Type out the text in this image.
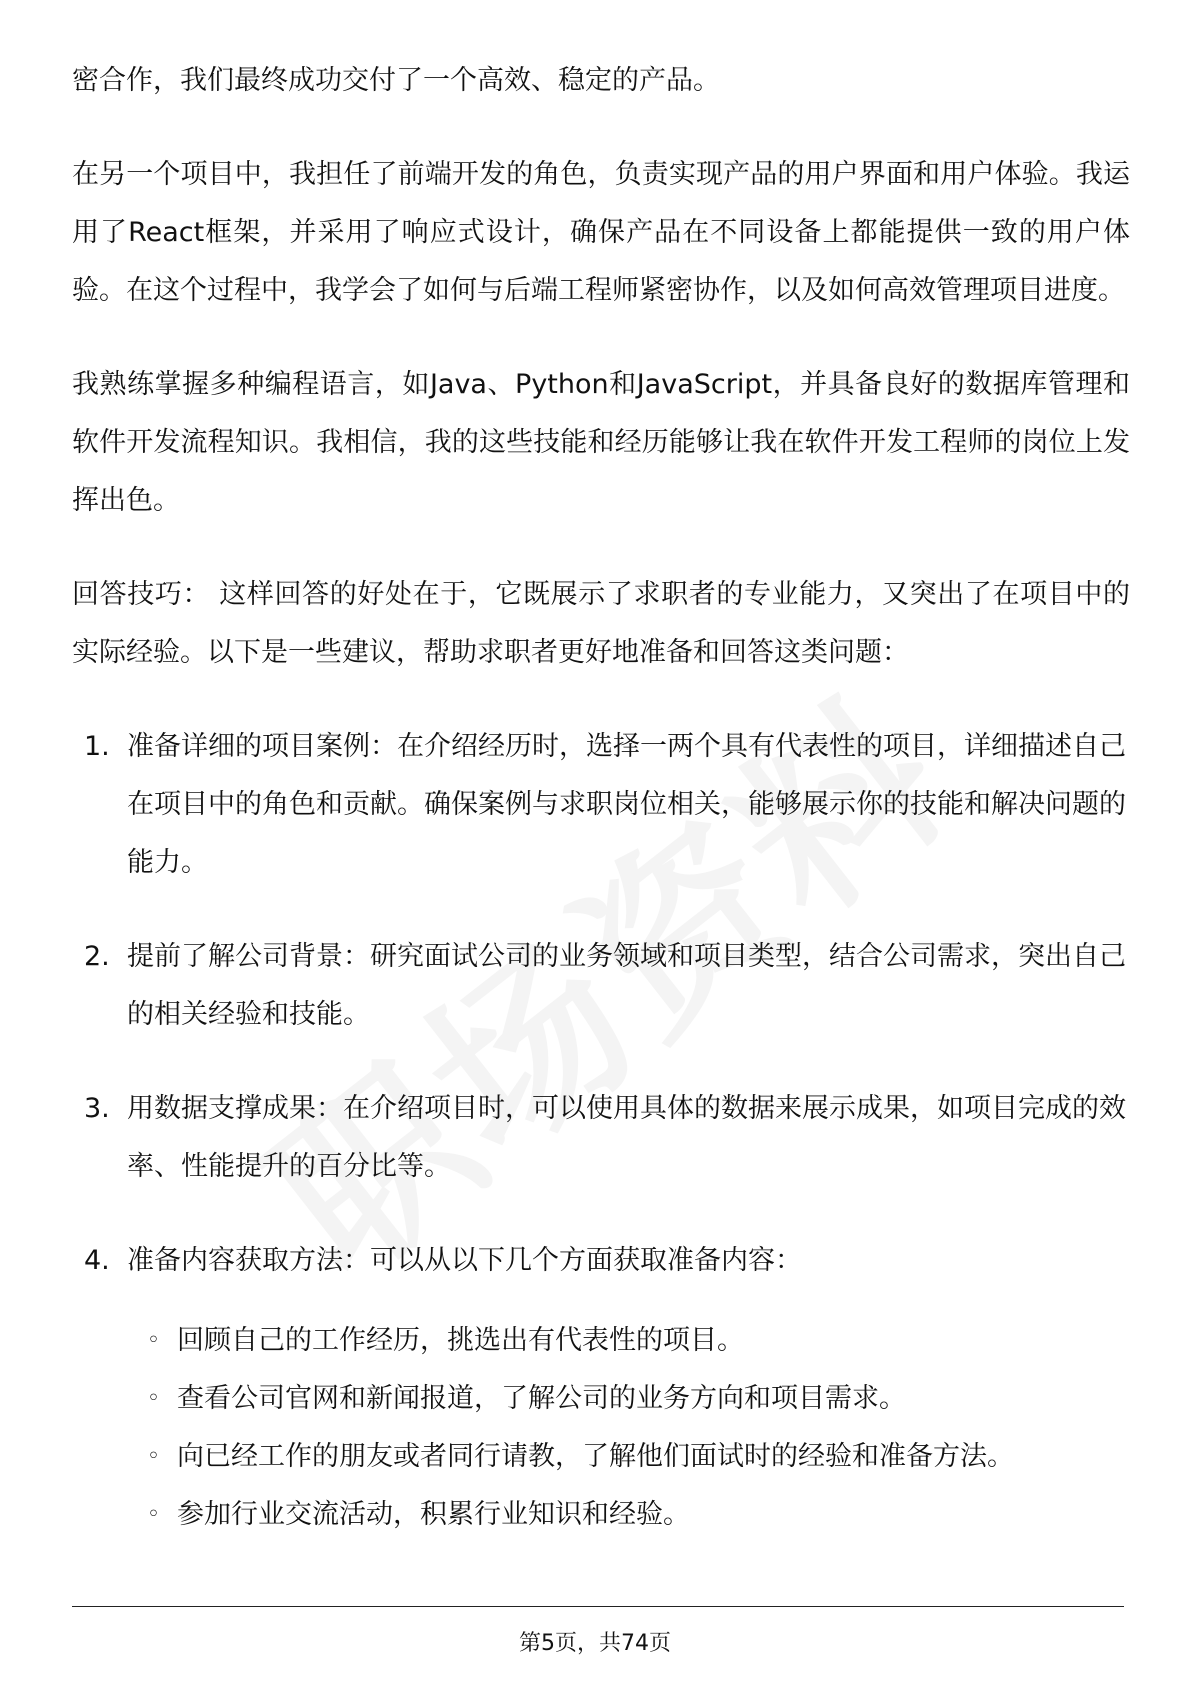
密合作，我们最终成功交付了一个高效、稳定的产品。

在另一个项目中，我担任了前端开发的角色，负责实现产品的用户界面和用户体验。我运用了React框架，并采用了响应式设计，确保产品在不同设备上都能提供一致的用户体验。在这个过程中，我学会了如何与后端工程师紧密协作，以及如何高效管理项目进度。

我熟练掌握多种编程语言，如Java、Python和JavaScript，并具备良好的数据库管理和软件开发流程知识。我相信，我的这些技能和经历能够让我在软件开发工程师的岗位上发挥出色。

回答技巧： 这样回答的好处在于，它既展示了求职者的专业能力，又突出了在项目中的实际经验。以下是一些建议，帮助求职者更好地准备和回答这类问题：

1. 准备详细的项目案例：在介绍经历时，选择一两个具有代表性的项目，详细描述自己在项目中的角色和贡献。确保案例与求职岗位相关，能够展示你的技能和解决问题的能力。
2. 提前了解公司背景：研究面试公司的业务领域和项目类型，结合公司需求，突出自己的相关经验和技能。
3. 用数据支撑成果：在介绍项目时，可以使用具体的数据来展示成果，如项目完成的效率、性能提升的百分比等。
4. 准备内容获取方法：可以从以下几个方面获取准备内容：
◦ 回顾自己的工作经历，挑选出有代表性的项目。
◦ 查看公司官网和新闻报道，了解公司的业务方向和项目需求。
◦ 向已经工作的朋友或者同行请教，了解他们面试时的经验和准备方法。
◦ 参加行业交流活动，积累行业知识和经验。
第5页，共74页
